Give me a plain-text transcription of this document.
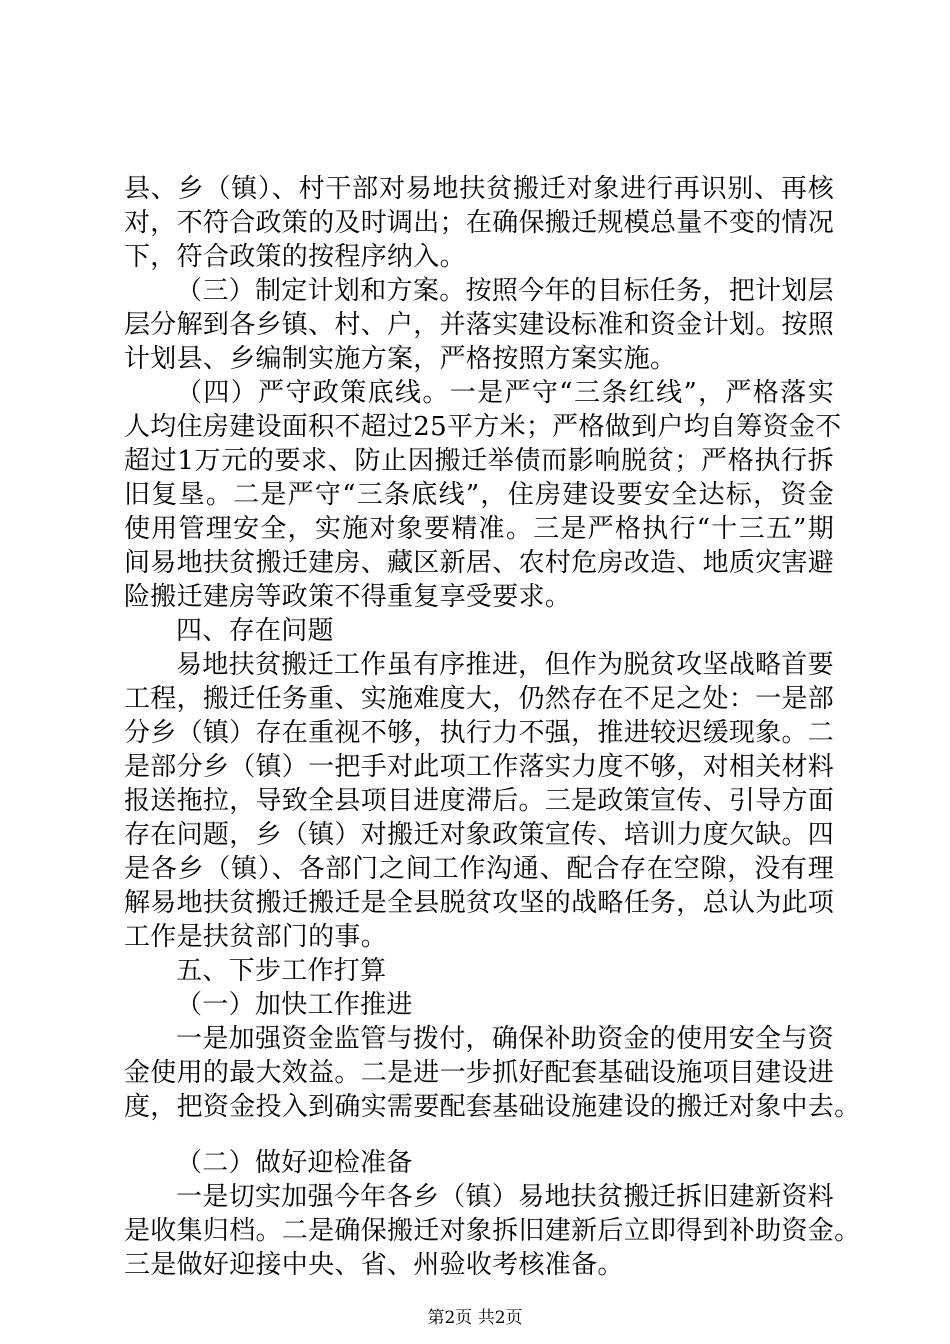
县、乡（镇）、村干部对易地扶贫搬迁对象进行再识别、再核
对，不符合政策的及时调出；在确保搬迁规模总量不变的情况
下，符合政策的按程序纳入。
（三）制定计划和方案。按照今年的目标任务，把计划层
层分解到各乡镇、村、户，并落实建设标准和资金计划。按照
计划县、乡编制实施方案，严格按照方案实施。
（四）严守政策底线。一是严守“三条红线”，严格落实
人均住房建设面积不超过25平方米；严格做到户均自筹资金不
超过1万元的要求、防止因搬迁举债而影响脱贫；严格执行拆
旧复垦。二是严守“三条底线”，住房建设要安全达标，资金
使用管理安全，实施对象要精准。三是严格执行“十三五”期
间易地扶贫搬迁建房、藏区新居、农村危房改造、地质灾害避
险搬迁建房等政策不得重复享受要求。
四、存在问题
易地扶贫搬迁工作虽有序推进，但作为脱贫攻坚战略首要
工程，搬迁任务重、实施难度大，仍然存在不足之处：一是部
分乡（镇）存在重视不够，执行力不强，推进较迟缓现象。二
是部分乡（镇）一把手对此项工作落实力度不够，对相关材料
报送拖拉，导致全县项目进度滞后。三是政策宣传、引导方面
存在问题，乡（镇）对搬迁对象政策宣传、培训力度欠缺。四
是各乡（镇）、各部门之间工作沟通、配合存在空隙，没有理
解易地扶贫搬迁搬迁是全县脱贫攻坚的战略任务，总认为此项
工作是扶贫部门的事。
五、下步工作打算
（一）加快工作推进
一是加强资金监管与拨付，确保补助资金的使用安全与资
金使用的最大效益。二是进一步抓好配套基础设施项目建设进
度，把资金投入到确实需要配套基础设施建设的搬迁对象中去。
（二）做好迎检准备
一是切实加强今年各乡（镇）易地扶贫搬迁拆旧建新资料
是收集归档。二是确保搬迁对象拆旧建新后立即得到补助资金。
三是做好迎接中央、省、州验收考核准备。
第2页 共2页
